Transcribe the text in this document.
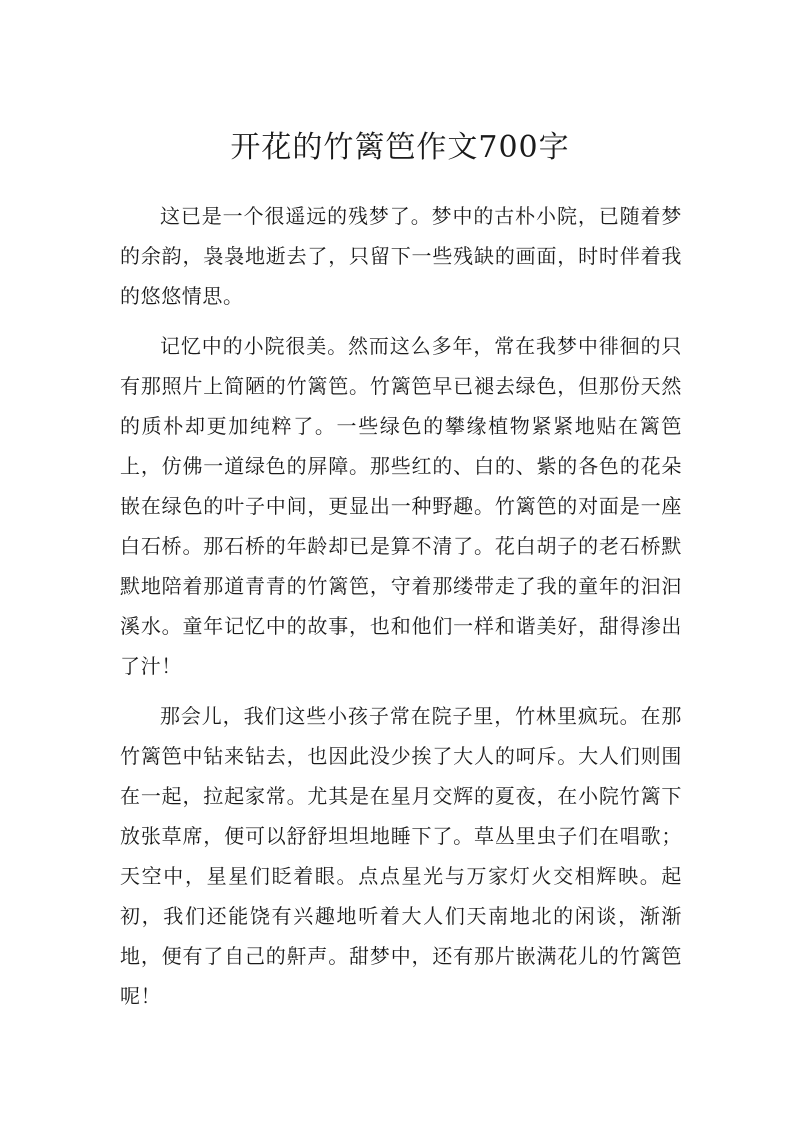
开花的竹篱笆作文700字

这已是一个很遥远的残梦了。梦中的古朴小院，已随着梦的余韵，袅袅地逝去了，只留下一些残缺的画面，时时伴着我的悠悠情思。

记忆中的小院很美。然而这么多年，常在我梦中徘徊的只有那照片上简陋的竹篱笆。竹篱笆早已褪去绿色，但那份天然的质朴却更加纯粹了。一些绿色的攀缘植物紧紧地贴在篱笆上，仿佛一道绿色的屏障。那些红的、白的、紫的各色的花朵嵌在绿色的叶子中间，更显出一种野趣。竹篱笆的对面是一座白石桥。那石桥的年龄却已是算不清了。花白胡子的老石桥默默地陪着那道青青的竹篱笆，守着那缕带走了我的童年的汩汩溪水。童年记忆中的故事，也和他们一样和谐美好，甜得渗出了汁！

那会儿，我们这些小孩子常在院子里，竹林里疯玩。在那竹篱笆中钻来钻去，也因此没少挨了大人的呵斥。大人们则围在一起，拉起家常。尤其是在星月交辉的夏夜，在小院竹篱下放张草席，便可以舒舒坦坦地睡下了。草丛里虫子们在唱歌；天空中，星星们眨着眼。点点星光与万家灯火交相辉映。起初，我们还能饶有兴趣地听着大人们天南地北的闲谈，渐渐地，便有了自己的鼾声。甜梦中，还有那片嵌满花儿的竹篱笆呢！
